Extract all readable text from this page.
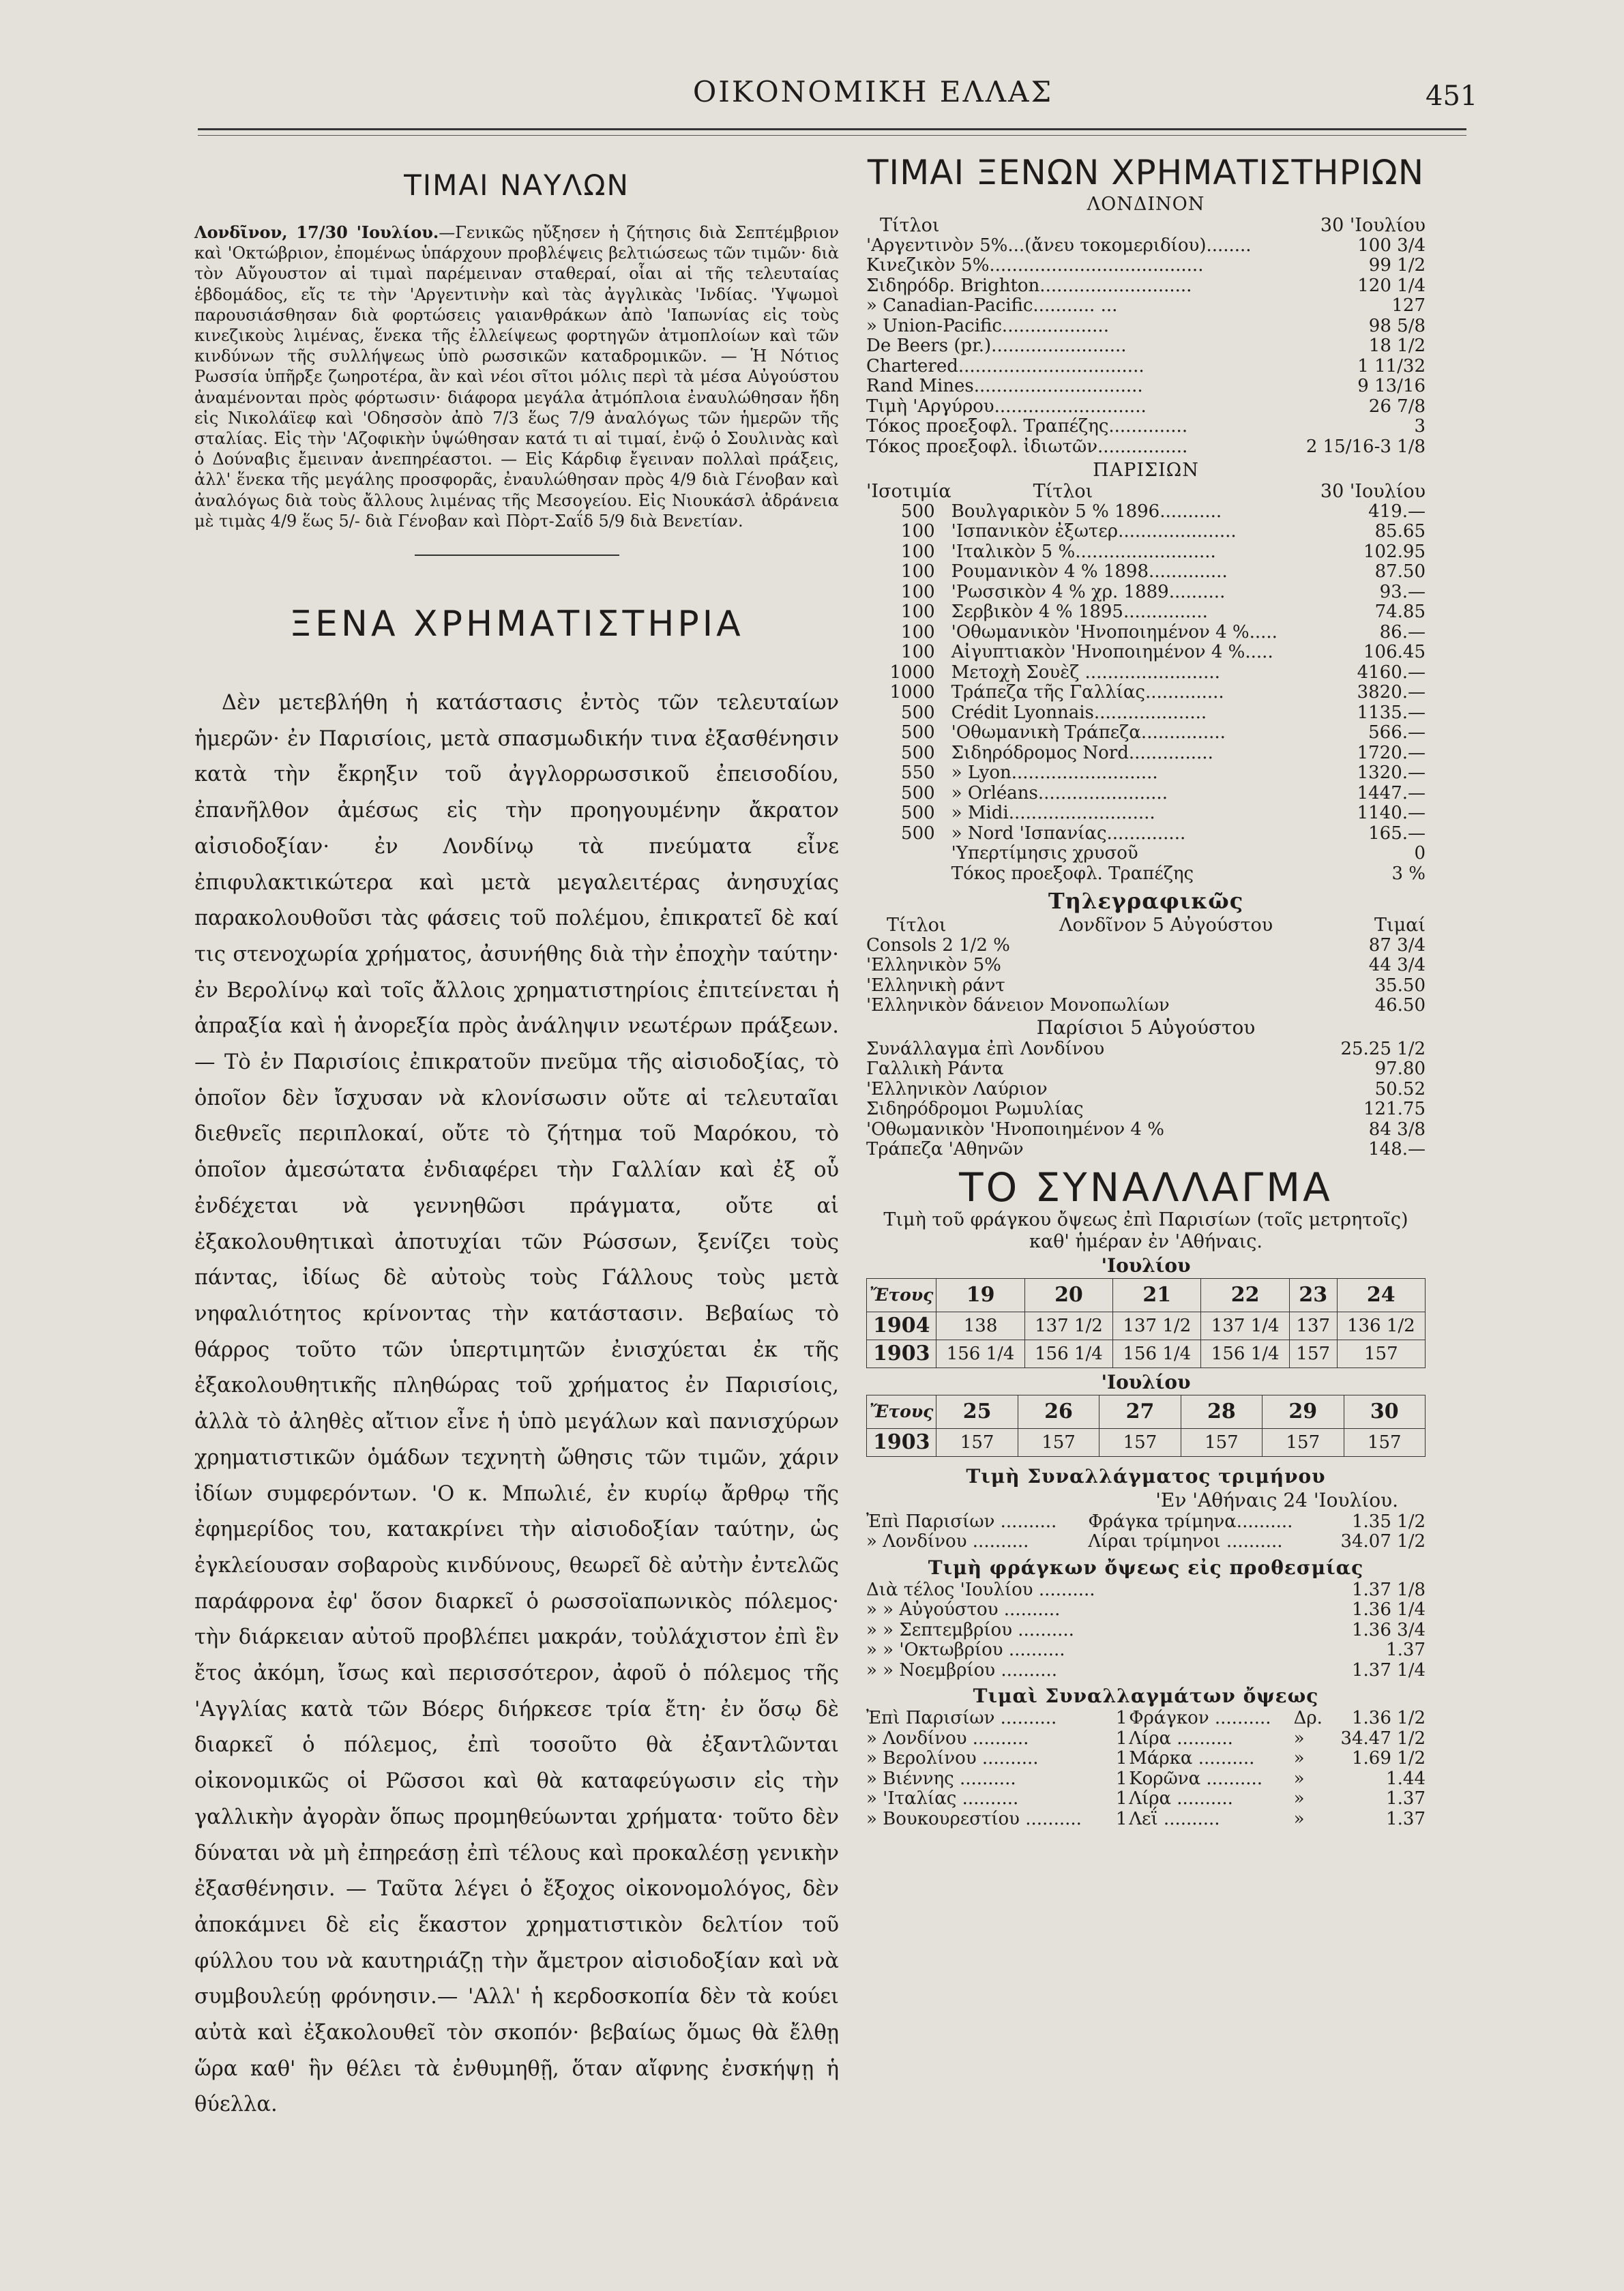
ΟΙΚΟΝΟΜΙΚΗ ΕΛΛΑΣ	451
ΤΙΜΑΙ ΝΑΥΛΩΝ

Λονδῖνον, 17/30 'Ιουλίου.—Γενικῶς ηὔξησεν ἡ ζήτησις διὰ Σεπτέμβριον καὶ 'Οκτώβριον, ἐπομένως ὑπάρχουν προβλέψεις βελτιώσεως τῶν τιμῶν· διὰ τὸν Αὔγουστον αἱ τιμαὶ παρέμειναν σταθεραί, οἷαι αἱ τῆς τελευταίας ἑβδομάδος, εἴς τε τὴν 'Αργεντινὴν καὶ τὰς ἀγγλικὰς 'Ινδίας. 'Υψωμοὶ παρουσιάσθησαν διὰ φορτώσεις γαιανθράκων ἀπὸ 'Ιαπωνίας εἰς τοὺς κινεζικοὺς λιμένας, ἕνεκα τῆς ἐλλείψεως φορτηγῶν ἀτμοπλοίων καὶ τῶν κινδύνων τῆς συλλήψεως ὑπὸ ρωσσικῶν καταδρομικῶν. — Ἡ Νότιος Ρωσσία ὑπῆρξε ζωηροτέρα, ἂν καὶ νέοι σῖτοι μόλις περὶ τὰ μέσα Αὐγούστου ἀναμένονται πρὸς φόρτωσιν· διάφορα μεγάλα ἀτμόπλοια ἐναυλώθησαν ἤδη εἰς Νικολάϊεφ καὶ 'Οδησσὸν ἀπὸ 7/3 ἕως 7/9 ἀναλόγως τῶν ἡμερῶν τῆς σταλίας. Εἰς τὴν 'Αζοφικὴν ὑψώθησαν κατά τι αἱ τιμαί, ἐνῷ ὁ Σουλινὰς καὶ ὁ Δούναβις ἔμειναν ἀνεπηρέαστοι. — Εἰς Κάρδιφ ἔγειναν πολλαὶ πράξεις, ἀλλ' ἕνεκα τῆς μεγάλης προσφορᾶς, ἐναυλώθησαν πρὸς 4/9 διὰ Γένοβαν καὶ ἀναλόγως διὰ τοὺς ἄλλους λιμένας τῆς Μεσογείου. Εἰς Νιουκάσλ ἀδράνεια μὲ τιμὰς 4/9 ἕως 5/- διὰ Γένοβαν καὶ Πὸρτ-Σαΐδ 5/9 διὰ Βενετίαν.

ΞΕΝΑ ΧΡΗΜΑΤΙΣΤΗΡΙΑ

Δὲν μετεβλήθη ἡ κατάστασις ἐντὸς τῶν τελευταίων ἡμερῶν· ἐν Παρισίοις, μετὰ σπασμωδικήν τινα ἐξασθένησιν κατὰ τὴν ἔκρηξιν τοῦ ἀγγλορρωσσικοῦ ἐπεισοδίου, ἐπανῆλθον ἀμέσως εἰς τὴν προηγουμένην ἄκρατον αἰσιοδοξίαν· ἐν Λονδίνῳ τὰ πνεύματα εἶνε ἐπιφυλακτικώτερα καὶ μετὰ μεγαλειτέρας ἀνησυχίας παρακολουθοῦσι τὰς φάσεις τοῦ πολέμου, ἐπικρατεῖ δὲ καί τις στενοχωρία χρήματος, ἀσυνήθης διὰ τὴν ἐποχὴν ταύτην· ἐν Βερολίνῳ καὶ τοῖς ἄλλοις χρηματιστηρίοις ἐπιτείνεται ἡ ἀπραξία καὶ ἡ ἀνορεξία πρὸς ἀνάληψιν νεωτέρων πράξεων.— Τὸ ἐν Παρισίοις ἐπικρατοῦν πνεῦμα τῆς αἰσιοδοξίας, τὸ ὁποῖον δὲν ἴσχυσαν νὰ κλονίσωσιν οὔτε αἱ τελευταῖαι διεθνεῖς περιπλοκαί, οὔτε τὸ ζήτημα τοῦ Μαρόκου, τὸ ὁποῖον ἀμεσώτατα ἐνδιαφέρει τὴν Γαλλίαν καὶ ἐξ οὗ ἐνδέχεται νὰ γεννηθῶσι πράγματα, οὔτε αἱ ἐξακολουθητικαὶ ἀποτυχίαι τῶν Ρώσσων, ξενίζει τοὺς πάντας, ἰδίως δὲ αὐτοὺς τοὺς Γάλλους τοὺς μετὰ νηφαλιότητος κρίνοντας τὴν κατάστασιν. Βεβαίως τὸ θάρρος τοῦτο τῶν ὑπερτιμητῶν ἐνισχύεται ἐκ τῆς ἐξακολουθητικῆς πληθώρας τοῦ χρήματος ἐν Παρισίοις, ἀλλὰ τὸ ἀληθὲς αἴτιον εἶνε ἡ ὑπὸ μεγάλων καὶ πανισχύρων χρηματιστικῶν ὁμάδων τεχνητὴ ὤθησις τῶν τιμῶν, χάριν ἰδίων συμφερόντων. 'Ο κ. Μπωλιέ, ἐν κυρίῳ ἄρθρῳ τῆς ἐφημερίδος του, κατακρίνει τὴν αἰσιοδοξίαν ταύτην, ὡς ἐγκλείουσαν σοβαροὺς κινδύνους, θεωρεῖ δὲ αὐτὴν ἐντελῶς παράφρονα ἐφ' ὅσον διαρκεῖ ὁ ρωσσοϊαπωνικὸς πόλεμος· τὴν διάρκειαν αὐτοῦ προβλέπει μακράν, τοὐλάχιστον ἐπὶ ἓν ἔτος ἀκόμη, ἴσως καὶ περισσότερον, ἀφοῦ ὁ πόλεμος τῆς 'Αγγλίας κατὰ τῶν Βόερς διήρκεσε τρία ἔτη· ἐν ὅσῳ δὲ διαρκεῖ ὁ πόλεμος, ἐπὶ τοσοῦτο θὰ ἐξαντλῶνται οἰκονομικῶς οἱ Ρῶσσοι καὶ θὰ καταφεύγωσιν εἰς τὴν γαλλικὴν ἀγορὰν ὅπως προμηθεύωνται χρήματα· τοῦτο δὲν δύναται νὰ μὴ ἐπηρεάσῃ ἐπὶ τέλους καὶ προκαλέσῃ γενικὴν ἐξασθένησιν. — Ταῦτα λέγει ὁ ἔξοχος οἰκονομολόγος, δὲν ἀποκάμνει δὲ εἰς ἕκαστον χρηματιστικὸν δελτίον τοῦ φύλλου του νὰ καυτηριάζῃ τὴν ἄμετρον αἰσιοδοξίαν καὶ νὰ συμβουλεύῃ φρόνησιν.— 'Αλλ' ἡ κερδοσκοπία δὲν τὰ κούει αὐτὰ καὶ ἐξακολουθεῖ τὸν σκοπόν· βεβαίως ὅμως θὰ ἔλθῃ ὥρα καθ' ἣν θέλει τὰ ἐνθυμηθῇ, ὅταν αἴφνης ἐνσκήψῃ ἡ θύελλα.

ΤΙΜΑΙ ΞΕΝΩΝ ΧΡΗΜΑΤΙΣΤΗΡΙΩΝ
ΛΟΝΔΙΝΟΝ
Τίτλοι	30 'Ιουλίου
'Αργεντινὸν 5%...(ἄνευ τοκομεριδίου)........	100 3/4
Κινεζικὸν 5%......................................	99 1/2
Σιδηρόδρ. Brighton...........................	120 1/4
» Canadian-Pacific........... ...	127
» Union-Pacific...................	98 5/8
De Beers (pr.)........................	18 1/2
Chartered.................................	1 11/32
Rand Mines..............................	9 13/16
Τιμὴ 'Αργύρου...........................	26 7/8
Τόκος προεξοφλ. Τραπέζης..............	3
Τόκος προεξοφλ. ἰδιωτῶν................	2 15/16-3 1/8
ΠΑΡΙΣΙΩΝ
'Ισοτιμία	Τίτλοι	30 'Ιουλίου
500	Βουλγαρικὸν 5 % 1896...........	419.—
100	'Ισπανικὸν ἐξωτερ.....................	85.65
100	'Ιταλικὸν 5 %.........................	102.95
100	Ρουμανικὸν 4 % 1898..............	87.50
100	'Ρωσσικὸν 4 % χρ. 1889..........	93.—
100	Σερβικὸν 4 % 1895...............	74.85
100	'Οθωμανικὸν 'Ηνοποιημένον 4 %.....	86.—
100	Αἰγυπτιακὸν 'Ηνοποιημένον 4 %.....	106.45
1000	Μετοχὴ Σουὲζ ........................	4160.—
1000	Τράπεζα τῆς Γαλλίας..............	3820.—
500	Crédit Lyonnais....................	1135.—
500	'Οθωμανικὴ Τράπεζα...............	566.—
500	Σιδηρόδρομος Nord...............	1720.—
550	» Lyon..........................	1320.—
500	» Orléans.......................	1447.—
500	» Midi..........................	1140.—
500	» Nord 'Ισπανίας..............	165.—
	'Υπερτίμησις χρυσοῦ	0
	Τόκος προεξοφλ. Τραπέζης	3 %
Τηλεγραφικῶς
Τίτλοι	Λονδῖνον 5 Αὐγούστου	Τιμαί
Consols 2 1/2 %		87 3/4
'Ελληνικὸν 5%		44 3/4
'Ελληνικὴ ράντ		35.50
'Ελληνικὸν δάνειον Μονοπωλίων		46.50
Παρίσιοι 5 Αὐγούστου
Συνάλλαγμα ἐπὶ Λονδίνου	25.25 1/2
Γαλλικὴ Ράντα	97.80
'Ελληνικὸν Λαύριον	50.52
Σιδηρόδρομοι Ρωμυλίας	121.75
'Οθωμανικὸν 'Ηνοποιημένον 4 %	84 3/8
Τράπεζα 'Αθηνῶν	148.—
ΤΟ ΣΥΝΑΛΛΑΓΜΑ
Τιμὴ τοῦ φράγκου ὄψεως ἐπὶ Παρισίων (τοῖς μετρητοῖς) καθ' ἡμέραν ἐν 'Αθήναις.
'Ιουλίου
Ἔτους	19	20	21	22	23	24
1904	138	137 1/2	137 1/2	137 1/4	137	136 1/2
1903	156 1/4	156 1/4	156 1/4	156 1/4	157	157
'Ιουλίου
Ἔτους	25	26	27	28	29	30
1903	157	157	157	157	157	157
Τιμὴ Συναλλάγματος τριμήνου
'Εν 'Αθήναις 24 'Ιουλίου.
Ἐπὶ Παρισίων ..........	Φράγκα τρίμηνα..........	1.35 1/2
» Λονδίνου ..........	Λίραι τρίμηνοι ..........	34.07 1/2
Τιμὴ φράγκων ὄψεως εἰς προθεσμίας
Διὰ τέλος 'Ιουλίου ..........	1.37 1/8
» » Αὐγούστου ..........	1.36 1/4
» » Σεπτεμβρίου ..........	1.36 3/4
» » 'Οκτωβρίου ..........	1.37
» » Νοεμβρίου ..........	1.37 1/4
Τιμαὶ Συναλλαγμάτων ὄψεως
Ἐπὶ Παρισίων ..........	1	Φράγκον ..........	Δρ.	1.36 1/2
» Λονδίνου ..........	1	Λίρα ..........	»	34.47 1/2
» Βερολίνου ..........	1	Μάρκα ..........	»	1.69 1/2
» Βιέννης ..........	1	Κορῶνα ..........	»	1.44
» 'Ιταλίας ..........	1	Λίρα ..........	»	1.37
» Βουκουρεστίου ..........	1	Λεΐ ..........	»	1.37
